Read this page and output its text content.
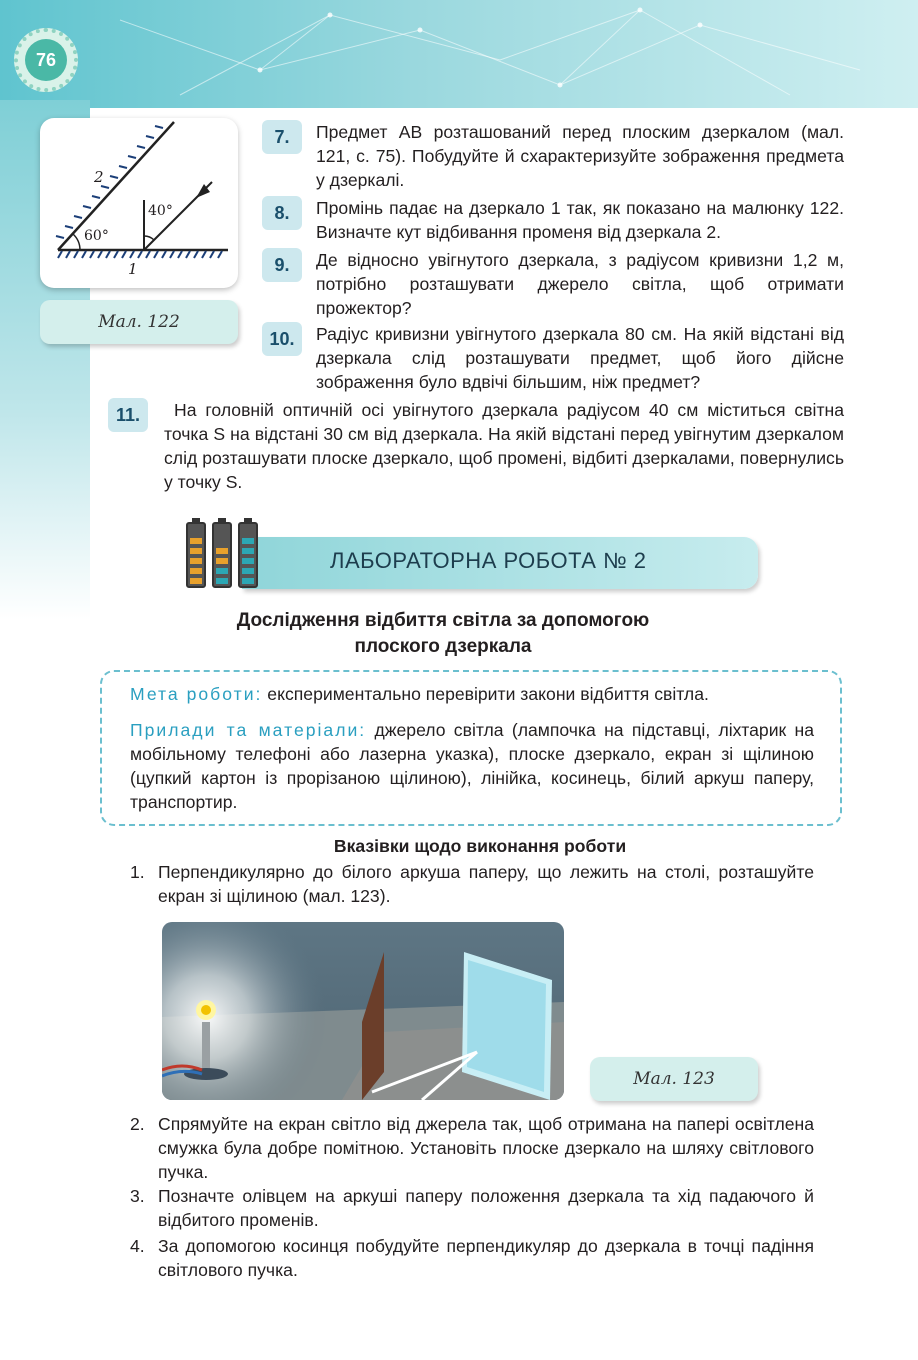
76
2
1
60°
40°
Мал. 122
7.	Предмет AB розташований перед плоским дзеркалом (мал. 121, с. 75). Побудуйте й схарактеризуйте зображення предмета у дзеркалі.
8.	Промінь падає на дзеркало 1 так, як показано на малюнку 122. Визначте кут відбивання променя від дзеркала 2.
9.	Де відносно увігнутого дзеркала, з радіусом кривизни 1,2 м, потрібно розташувати джерело світла, щоб отримати прожектор?
10.	Радіус кривизни увігнутого дзеркала 80 см. На якій відстані від дзеркала слід розташувати предмет, щоб його дійсне зображення було вдвічі більшим, ніж предмет?
11.	На головній оптичній осі увігнутого дзеркала радіусом 40 см міститься світна точка S на відстані 30 см від дзеркала. На якій відстані перед увігнутим дзеркалом слід розташувати плоске дзеркало, щоб промені, відбиті дзеркалами, повернулись у точку S.
ЛАБОРАТОРНА РОБОТА № 2
Дослідження відбиття світла за допомогою
плоского дзеркала
Мета роботи: експериментально перевірити закони відбиття світла.
Прилади та матеріали: джерело світла (лампочка на підставці, ліхтарик на мобільному телефоні або лазерна указка), плоске дзеркало, екран зі щілиною (цупкий картон із прорізаною щілиною), лінійка, косинець, білий аркуш паперу, транспортир.
Вказівки щодо виконання роботи
1. Перпендикулярно до білого аркуша паперу, що лежить на столі, розташуйте екран зі щілиною (мал. 123).
Мал. 123
2. Спрямуйте на екран світло від джерела так, щоб отримана на папері освітлена смужка була добре помітною. Установіть плоске дзеркало на шляху світлового пучка.
3. Позначте олівцем на аркуші паперу положення дзеркала та хід падаючого й відбитого променів.
4. За допомогою косинця побудуйте перпендикуляр до дзеркала в точці падіння світлового пучка.
